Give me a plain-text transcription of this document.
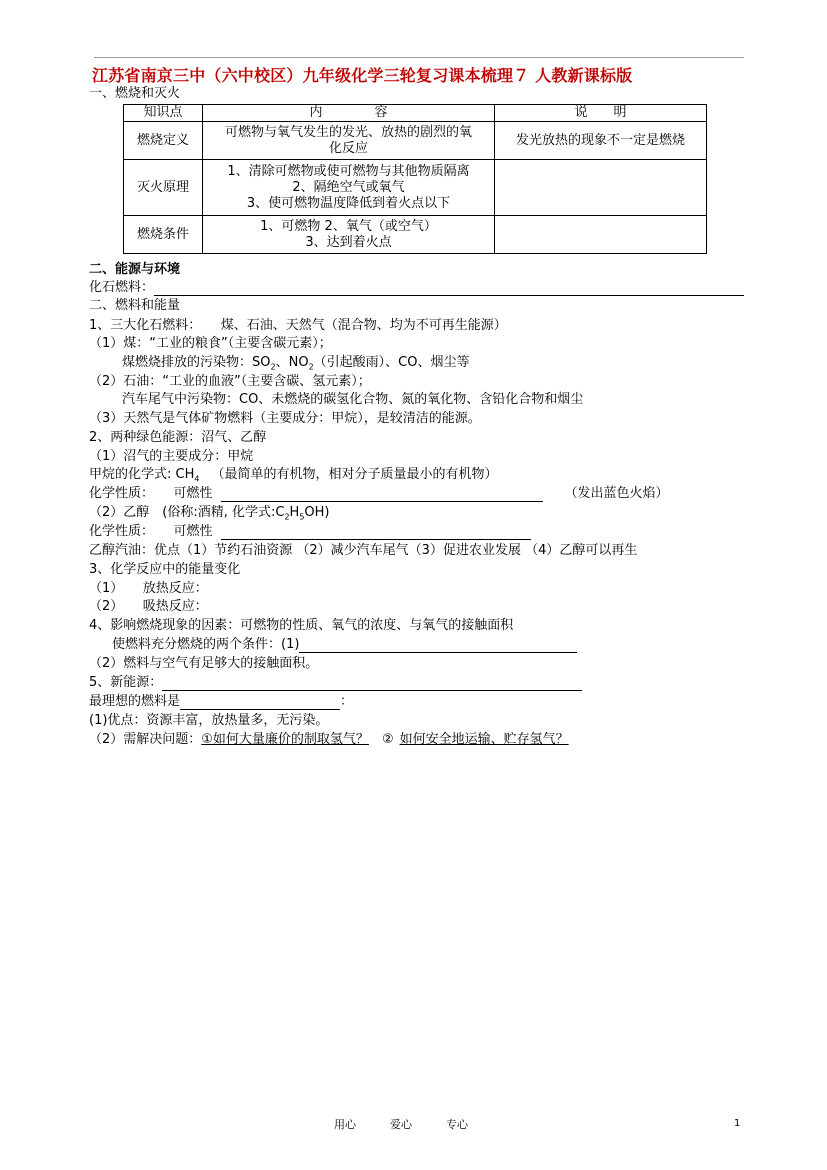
江苏省南京三中（六中校区）九年级化学三轮复习课本梳理７ 人教新课标版
一、燃烧和灭火
知识点	内　　　　容	说　　明
燃烧定义	可燃物与氧气发生的发光、放热的剧烈的氧
化反应	发光放热的现象不一定是燃烧
灭火原理	1、清除可燃物或使可燃物与其他物质隔离
2、隔绝空气或氧气
3、使可燃物温度降低到着火点以下	

燃烧条件	1、可燃物 2、氧气（或空气）
3、达到着火点	

二、能源与环境
化石燃料：
二、燃料和能量
1、三大化石燃料：　　煤、石油、天然气（混合物、均为不可再生能源）
（1）煤：“工业的粮食”（主要含碳元素）；
煤燃烧排放的污染物：$SO_2$、$NO_2$（引起酸雨）、CO、烟尘等
（2）石油：“工业的血液”（主要含碳、氢元素）；
汽车尾气中污染物：CO、未燃烧的碳氢化合物、氮的氧化物、含铅化合物和烟尘
（3）天然气是气体矿物燃料（主要成分：甲烷），是较清洁的能源。
2、两种绿色能源：沼气、乙醇
（1）沼气的主要成分：甲烷
甲烷的化学式: $CH_4$ （最简单的有机物，相对分子质量最小的有机物）
化学性质：　　可燃性	（发出蓝色火焰）
（2）乙醇　(俗称:酒精, 化学式$:C_2H_5OH$)
化学性质：　　可燃性
乙醇汽油：优点（1）节约石油资源 （2）减少汽车尾气（3）促进农业发展 （4）乙醇可以再生
3、化学反应中的能量变化
（1）　　放热反应：
（2）　　吸热反应：
4、影响燃烧现象的因素：可燃物的性质、氧气的浓度、与氧气的接触面积
使燃料充分燃烧的两个条件：(1)
（2）燃料与空气有足够大的接触面积。
5、新能源：
最理想的燃料是	：
(1)优点：资源丰富，放热量多，无污染。
（2）需解决问题：①如何大量廉价的制取氢气？　② 如何安全地运输、贮存氢气？
用心	爱心	专心	1
